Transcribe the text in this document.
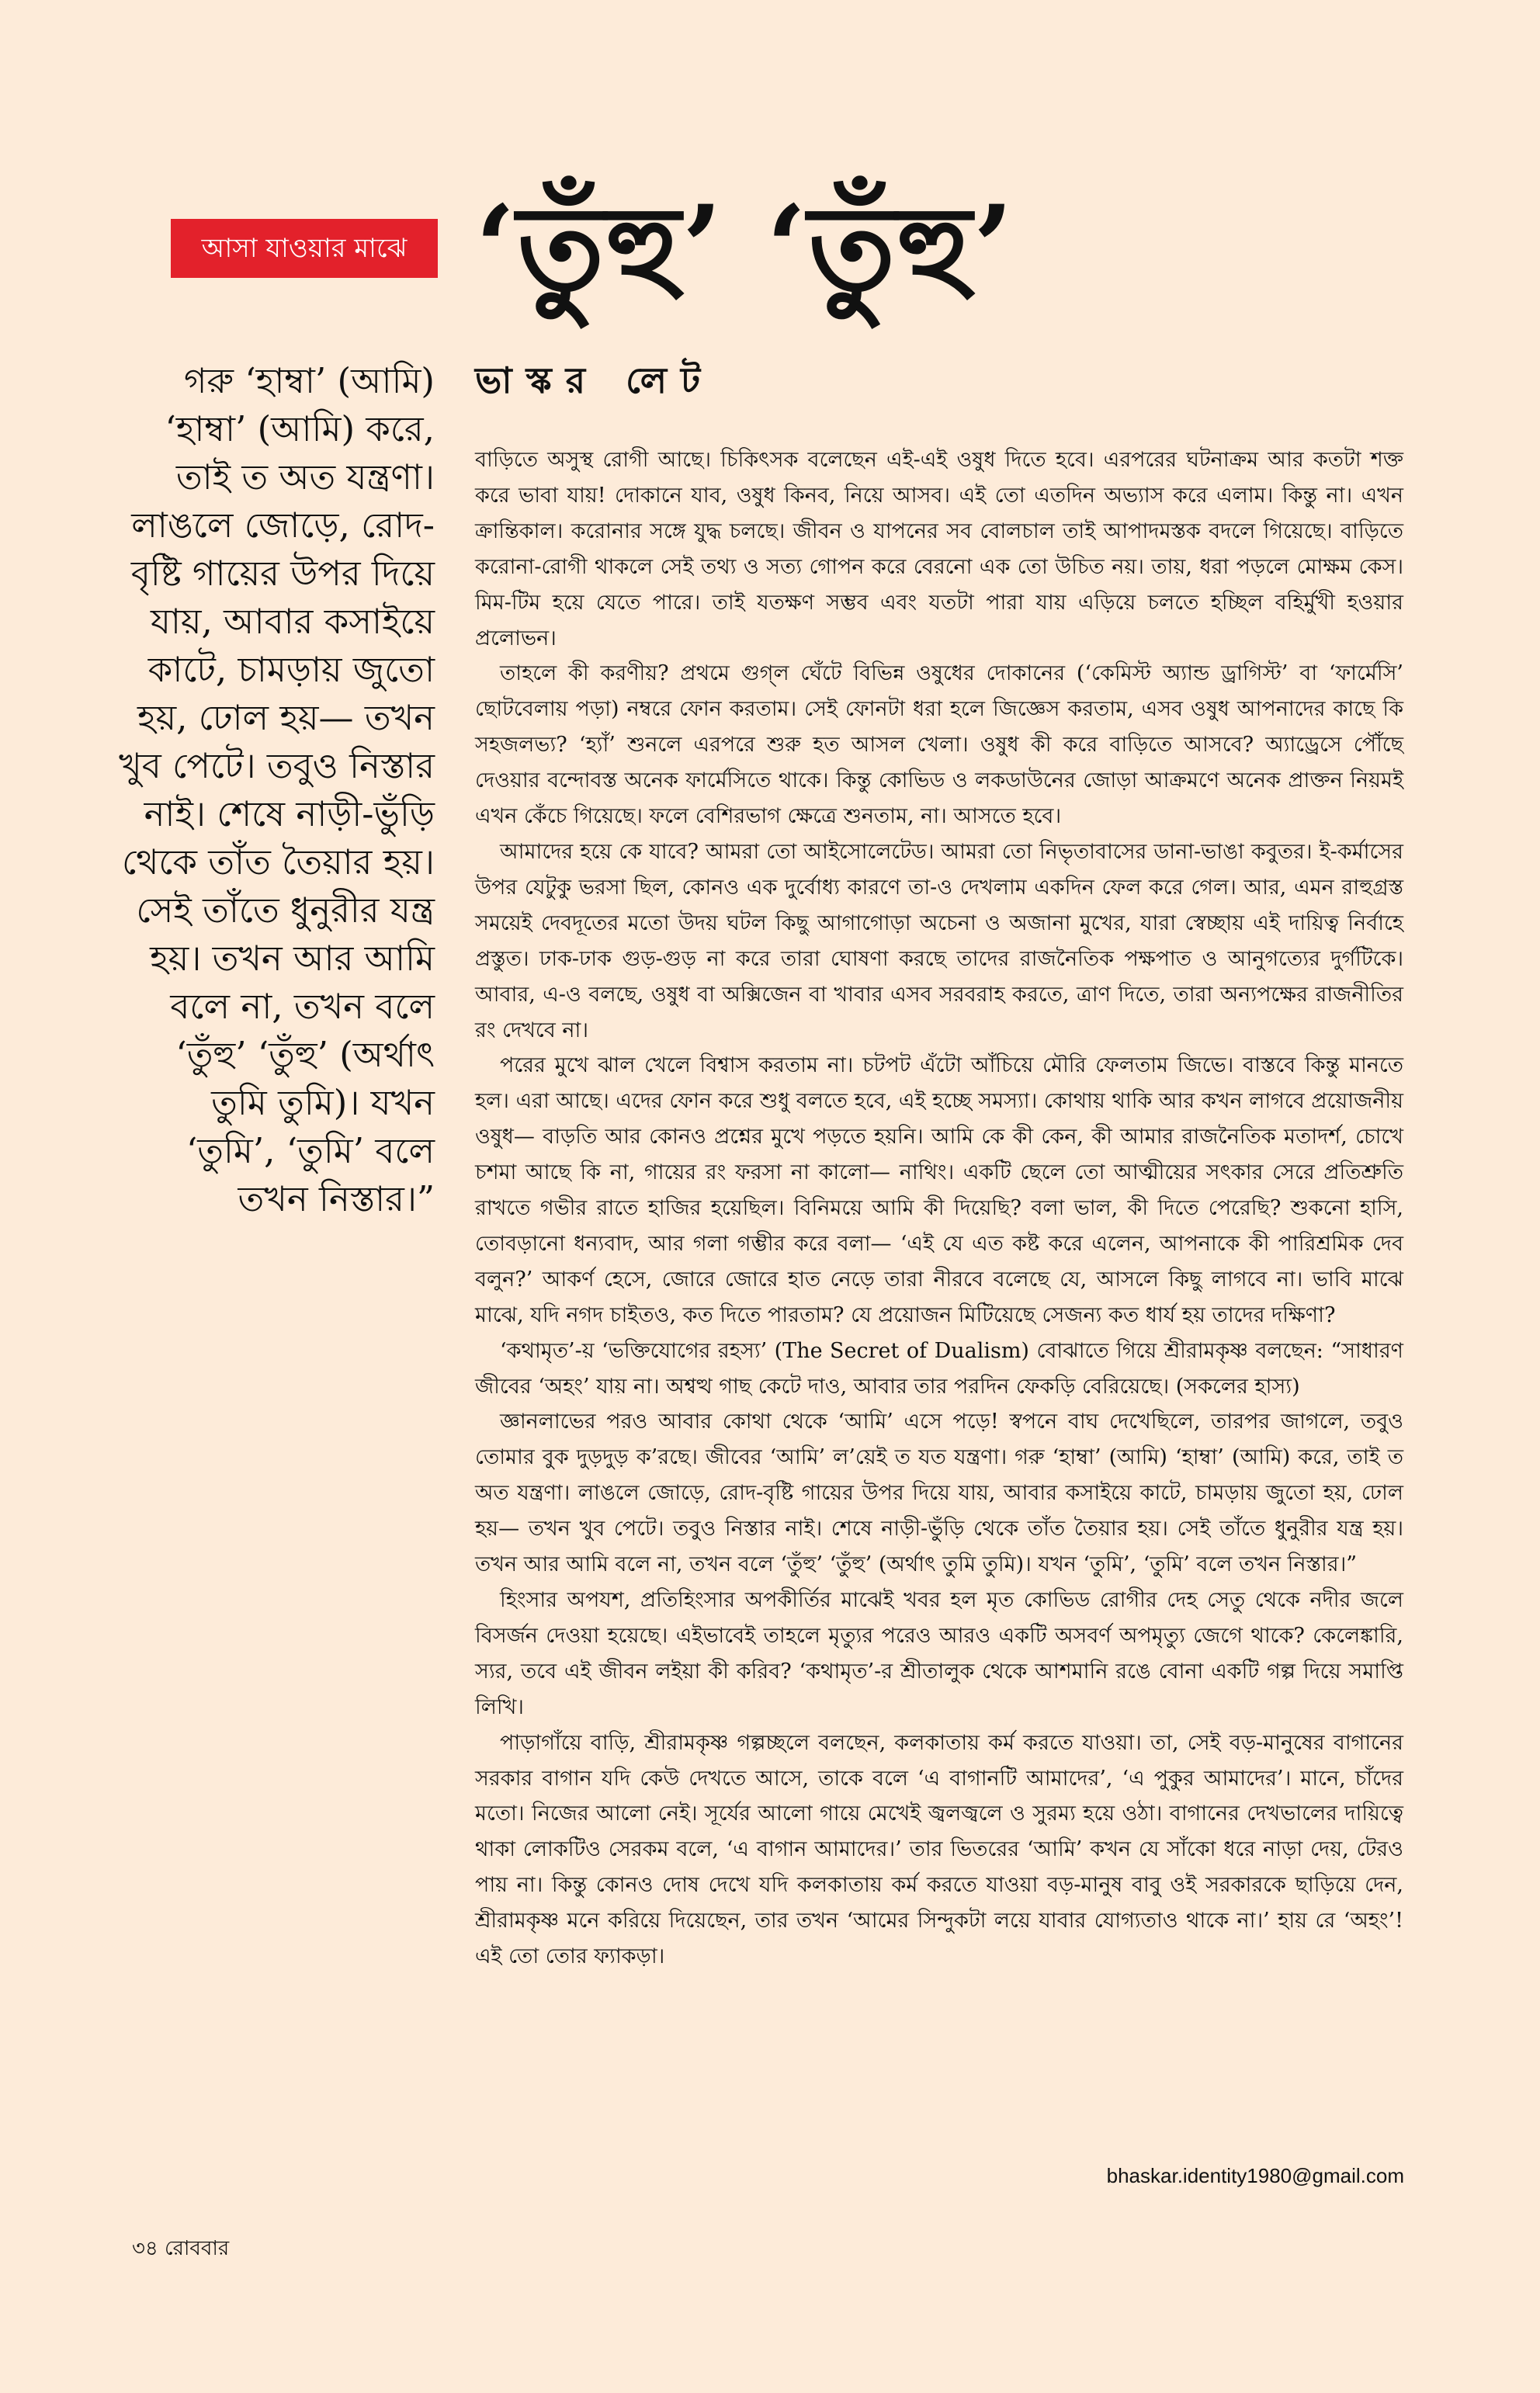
আসা যাওয়ার মাঝে ‘তুঁহু’ ‘তুঁহু’

গরু ‘হাম্বা’ (আমি) ‘হাম্বা’ (আমি) করে, তাই ত অত যন্ত্রণা। লাঙলে জোড়ে, রোদ-বৃষ্টি গায়ের উপর দিয়ে যায়, আবার কসাইয়ে কাটে, চামড়ায় জুতো হয়, ঢোল হয়— তখন খুব পেটে। তবুও নিস্তার নাই। শেষে নাড়ী-ভুঁড়ি থেকে তাঁত তৈয়ার হয়। সেই তাঁতে ধুনুরীর যন্ত্র হয়। তখন আর আমি বলে না, তখন বলে ‘তুঁহু’ ‘তুঁহু’ (অর্থাৎ তুমি তুমি)। যখন ‘তুমি’, ‘তুমি’ বলে তখন নিস্তার।”

ভাস্কর লেট

বাড়িতে অসুস্থ রোগী আছে। চিকিৎসক বলেছেন এই-এই ওষুধ দিতে হবে। এরপরের ঘটনাক্রম আর কতটা শক্ত করে ভাবা যায়! দোকানে যাব, ওষুধ কিনব, নিয়ে আসব। এই তো এতদিন অভ্যাস করে এলাম। কিন্তু না। এখন ক্রান্তিকাল। করোনার সঙ্গে যুদ্ধ চলছে। জীবন ও যাপনের সব বোলচাল তাই আপাদমস্তক বদলে গিয়েছে। বাড়িতে করোনা-রোগী থাকলে সেই তথ্য ও সত্য গোপন করে বেরনো এক তো উচিত নয়। তায়, ধরা পড়লে মোক্ষম কেস। মিম-টিম হয়ে যেতে পারে। তাই যতক্ষণ সম্ভব এবং যতটা পারা যায় এড়িয়ে চলতে হচ্ছিল বহির্মুখী হওয়ার প্রলোভন।

তাহলে কী করণীয়? প্রথমে গুগ্‌ল ঘেঁটে বিভিন্ন ওষুধের দোকানের (‘কেমিস্ট অ্যান্ড ড্রাগিস্ট’ বা ‘ফার্মেসি’ ছোটবেলায় পড়া) নম্বরে ফোন করতাম। সেই ফোনটা ধরা হলে জিজ্ঞেস করতাম, এসব ওষুধ আপনাদের কাছে কি সহজলভ্য? ‘হ্যাঁ’ শুনলে এরপরে শুরু হত আসল খেলা। ওষুধ কী করে বাড়িতে আসবে? অ্যাড্রেসে পৌঁছে দেওয়ার বন্দোবস্ত অনেক ফার্মেসিতে থাকে। কিন্তু কোভিড ও লকডাউনের জোড়া আক্রমণে অনেক প্রাক্তন নিয়মই এখন কেঁচে গিয়েছে। ফলে বেশিরভাগ ক্ষেত্রে শুনতাম, না। আসতে হবে।

আমাদের হয়ে কে যাবে? আমরা তো আইসোলেটেড। আমরা তো নিভৃতাবাসের ডানা-ভাঙা কবুতর। ই-কর্মাসের উপর যেটুকু ভরসা ছিল, কোনও এক দুর্বোধ্য কারণে তা-ও দেখলাম একদিন ফেল করে গেল। আর, এমন রাহুগ্রস্ত সময়েই দেবদূতের মতো উদয় ঘটল কিছু আগাগোড়া অচেনা ও অজানা মুখের, যারা স্বেচ্ছায় এই দায়িত্ব নির্বাহে প্রস্তুত। ঢাক-ঢাক গুড়-গুড় না করে তারা ঘোষণা করছে তাদের রাজনৈতিক পক্ষপাত ও আনুগত্যের দুর্গটিকে। আবার, এ-ও বলছে, ওষুধ বা অক্সিজেন বা খাবার এসব সরবরাহ করতে, ত্রাণ দিতে, তারা অন্যপক্ষের রাজনীতির রং দেখবে না।

পরের মুখে ঝাল খেলে বিশ্বাস করতাম না। চটপট এঁটো আঁচিয়ে মৌরি ফেলতাম জিভে। বাস্তবে কিন্তু মানতে হল। এরা আছে। এদের ফোন করে শুধু বলতে হবে, এই হচ্ছে সমস্যা। কোথায় থাকি আর কখন লাগবে প্রয়োজনীয় ওষুধ— বাড়তি আর কোনও প্রশ্নের মুখে পড়তে হয়নি। আমি কে কী কেন, কী আমার রাজনৈতিক মতাদর্শ, চোখে চশমা আছে কি না, গায়ের রং ফরসা না কালো— নাথিং। একটি ছেলে তো আত্মীয়ের সৎকার সেরে প্রতিশ্রুতি রাখতে গভীর রাতে হাজির হয়েছিল। বিনিময়ে আমি কী দিয়েছি? বলা ভাল, কী দিতে পেরেছি? শুকনো হাসি, তোবড়ানো ধন্যবাদ, আর গলা গম্ভীর করে বলা— ‘এই যে এত কষ্ট করে এলেন, আপনাকে কী পারিশ্রমিক দেব বলুন?’ আকর্ণ হেসে, জোরে জোরে হাত নেড়ে তারা নীরবে বলেছে যে, আসলে কিছু লাগবে না। ভাবি মাঝে মাঝে, যদি নগদ চাইতও, কত দিতে পারতাম? যে প্রয়োজন মিটিয়েছে সেজন্য কত ধার্য হয় তাদের দক্ষিণা?

‘কথামৃত’-য় ‘ভক্তিযোগের রহস্য’ (The Secret of Dualism) বোঝাতে গিয়ে শ্রীরামকৃষ্ণ বলছেন: “সাধারণ জীবের ‘অহং’ যায় না। অশ্বত্থ গাছ কেটে দাও, আবার তার পরদিন ফেকড়ি বেরিয়েছে। (সকলের হাস্য)

জ্ঞানলাভের পরও আবার কোথা থেকে ‘আমি’ এসে পড়ে! স্বপনে বাঘ দেখেছিলে, তারপর জাগলে, তবুও তোমার বুক দুড়দুড় ক’রছে। জীবের ‘আমি’ ল’য়েই ত যত যন্ত্রণা। গরু ‘হাম্বা’ (আমি) ‘হাম্বা’ (আমি) করে, তাই ত অত যন্ত্রণা। লাঙলে জোড়ে, রোদ-বৃষ্টি গায়ের উপর দিয়ে যায়, আবার কসাইয়ে কাটে, চামড়ায় জুতো হয়, ঢোল হয়— তখন খুব পেটে। তবুও নিস্তার নাই। শেষে নাড়ী-ভুঁড়ি থেকে তাঁত তৈয়ার হয়। সেই তাঁতে ধুনুরীর যন্ত্র হয়। তখন আর আমি বলে না, তখন বলে ‘তুঁহু’ ‘তুঁহু’ (অর্থাৎ তুমি তুমি)। যখন ‘তুমি’, ‘তুমি’ বলে তখন নিস্তার।”

হিংসার অপযশ, প্রতিহিংসার অপকীর্তির মাঝেই খবর হল মৃত কোভিড রোগীর দেহ সেতু থেকে নদীর জলে বিসর্জন দেওয়া হয়েছে। এইভাবেই তাহলে মৃত্যুর পরেও আরও একটি অসবর্ণ অপমৃত্যু জেগে থাকে? কেলেঙ্কারি, স্যর, তবে এই জীবন লইয়া কী করিব? ‘কথামৃত’-র শ্রীতালুক থেকে আশমানি রঙে বোনা একটি গল্প দিয়ে সমাপ্তি লিখি।

পাড়াগাঁয়ে বাড়ি, শ্রীরামকৃষ্ণ গল্পচ্ছলে বলছেন, কলকাতায় কর্ম করতে যাওয়া। তা, সেই বড়-মানুষের বাগানের সরকার বাগান যদি কেউ দেখতে আসে, তাকে বলে ‘এ বাগানটি আমাদের’, ‘এ পুকুর আমাদের’। মানে, চাঁদের মতো। নিজের আলো নেই। সূর্যের আলো গায়ে মেখেই জ্বলজ্বলে ও সুরম্য হয়ে ওঠা। বাগানের দেখভালের দায়িত্বে থাকা লোকটিও সেরকম বলে, ‘এ বাগান আমাদের।’ তার ভিতরের ‘আমি’ কখন যে সাঁকো ধরে নাড়া দেয়, টেরও পায় না। কিন্তু কোনও দোষ দেখে যদি কলকাতায় কর্ম করতে যাওয়া বড়-মানুষ বাবু ওই সরকারকে ছাড়িয়ে দেন, শ্রীরামকৃষ্ণ মনে করিয়ে দিয়েছেন, তার তখন ‘আমের সিন্দুকটা লয়ে যাবার যোগ্যতাও থাকে না।’ হায় রে ‘অহং’! এই তো তোর ফ্যাকড়া।

bhaskar.identity1980@gmail.com
৩৪ রোববার
